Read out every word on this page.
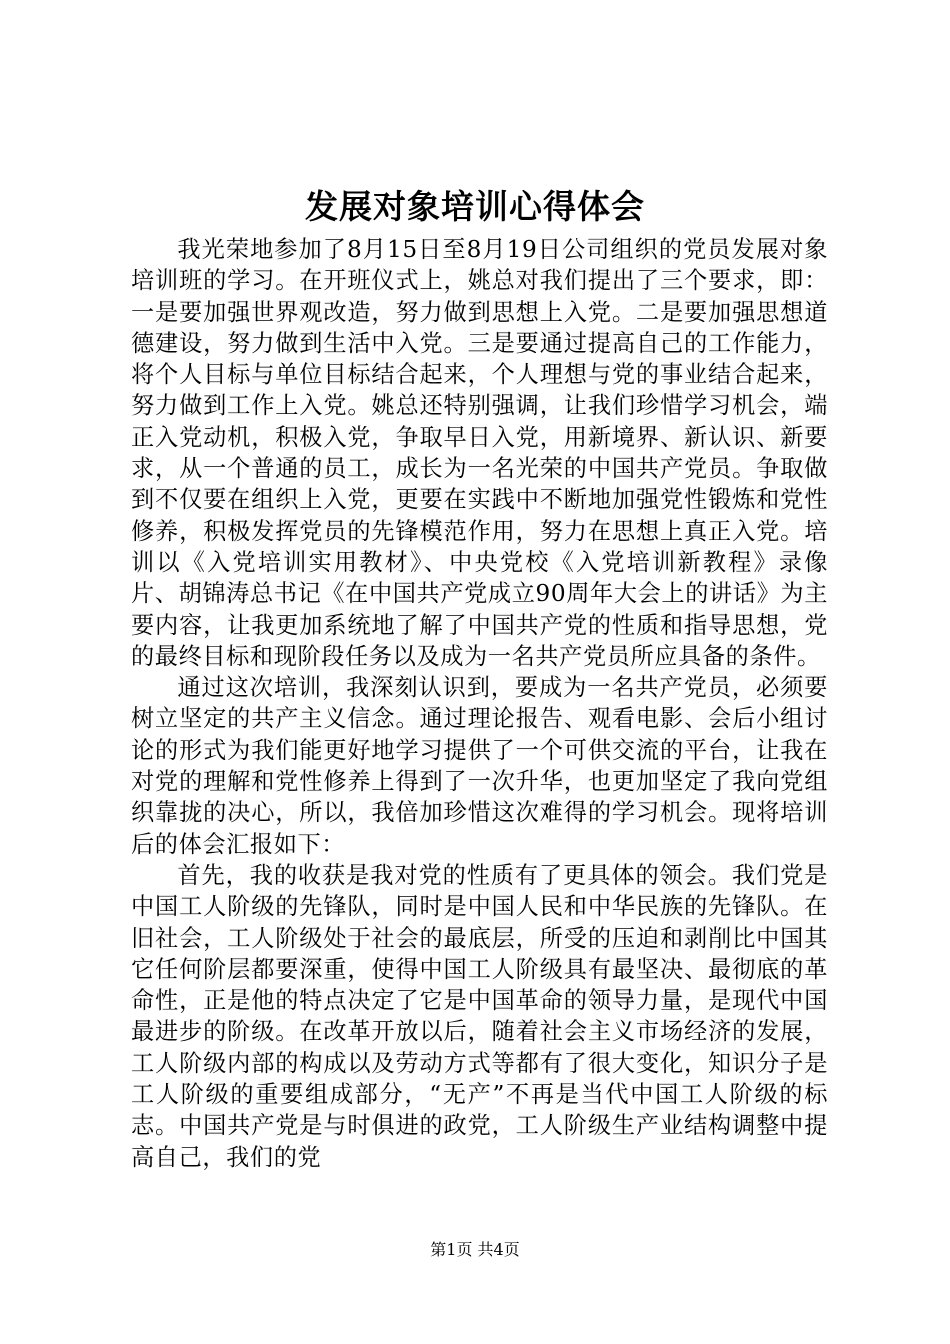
发展对象培训心得体会

我光荣地参加了8月15日至8月19日公司组织的党员发展对象培训班的学习。在开班仪式上，姚总对我们提出了三个要求，即：一是要加强世界观改造，努力做到思想上入党。二是要加强思想道德建设，努力做到生活中入党。三是要通过提高自己的工作能力，将个人目标与单位目标结合起来，个人理想与党的事业结合起来，努力做到工作上入党。姚总还特别强调，让我们珍惜学习机会，端正入党动机，积极入党，争取早日入党，用新境界、新认识、新要求，从一个普通的员工，成长为一名光荣的中国共产党员。争取做到不仅要在组织上入党，更要在实践中不断地加强党性锻炼和党性修养，积极发挥党员的先锋模范作用，努力在思想上真正入党。培训以《入党培训实用教材》、中央党校《入党培训新教程》录像片、胡锦涛总书记《在中国共产党成立90周年大会上的讲话》为主要内容，让我更加系统地了解了中国共产党的性质和指导思想，党的最终目标和现阶段任务以及成为一名共产党员所应具备的条件。

通过这次培训，我深刻认识到，要成为一名共产党员，必须要树立坚定的共产主义信念。通过理论报告、观看电影、会后小组讨论的形式为我们能更好地学习提供了一个可供交流的平台，让我在对党的理解和党性修养上得到了一次升华，也更加坚定了我向党组织靠拢的决心，所以，我倍加珍惜这次难得的学习机会。现将培训后的体会汇报如下：

首先，我的收获是我对党的性质有了更具体的领会。我们党是中国工人阶级的先锋队，同时是中国人民和中华民族的先锋队。在旧社会，工人阶级处于社会的最底层，所受的压迫和剥削比中国其它任何阶层都要深重，使得中国工人阶级具有最坚决、最彻底的革命性，正是他的特点决定了它是中国革命的领导力量，是现代中国最进步的阶级。在改革开放以后，随着社会主义市场经济的发展，工人阶级内部的构成以及劳动方式等都有了很大变化，知识分子是工人阶级的重要组成部分，“无产”不再是当代中国工人阶级的标志。中国共产党是与时俱进的政党，工人阶级生产业结构调整中提高自己，我们的党

第1页 共4页
